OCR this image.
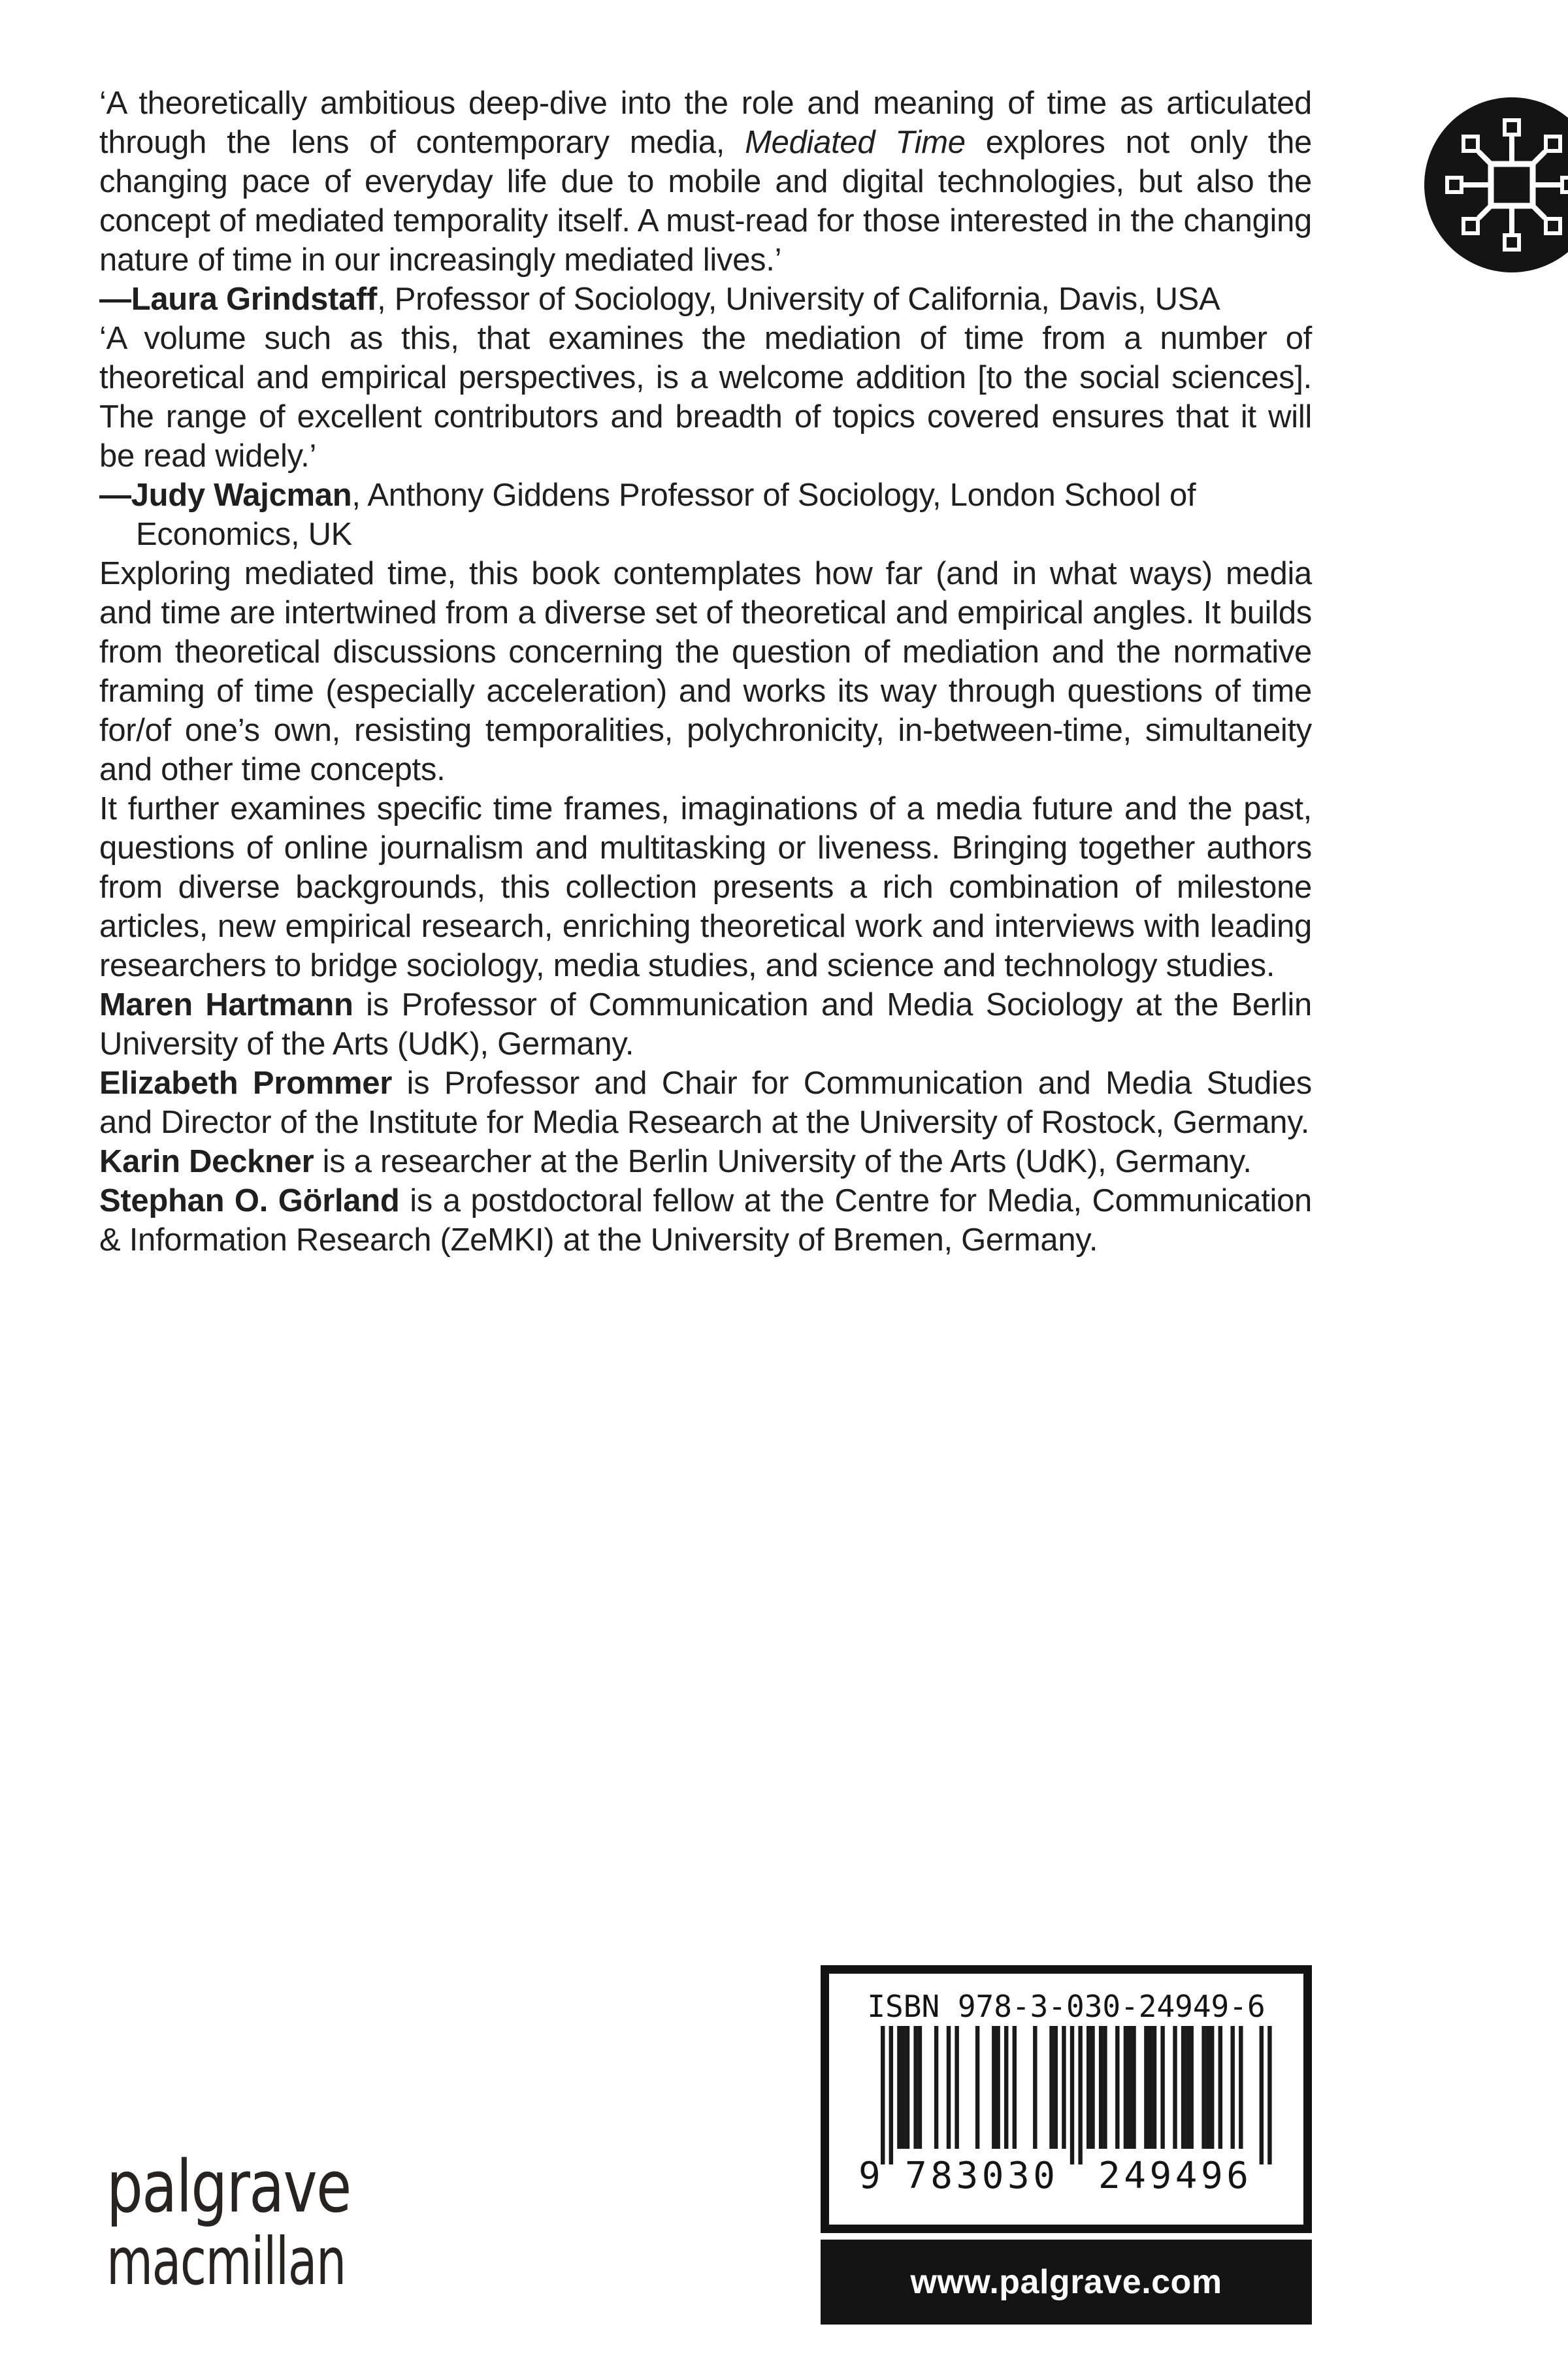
‘A theoretically ambitious deep-dive into the role and meaning of time as articulated through the lens of contemporary media, Mediated Time explores not only the changing pace of everyday life due to mobile and digital technologies, but also the concept of mediated temporality itself. A must-read for those interested in the changing nature of time in our increasingly mediated lives.’

—Laura Grindstaff, Professor of Sociology, University of California, Davis, USA

‘A volume such as this, that examines the mediation of time from a number of theoretical and empirical perspectives, is a welcome addition [to the social sciences]. The range of excellent contributors and breadth of topics covered ensures that it will be read widely.’

—Judy Wajcman, Anthony Giddens Professor of Sociology, London School of Economics, UK

Exploring mediated time, this book contemplates how far (and in what ways) media and time are intertwined from a diverse set of theoretical and empirical angles. It builds from theoretical discussions concerning the question of mediation and the normative framing of time (especially acceleration) and works its way through questions of time for/of one’s own, resisting temporalities, polychronicity, in-between-time, simultaneity and other time concepts.

It further examines specific time frames, imaginations of a media future and the past, questions of online journalism and multitasking or liveness. Bringing together authors from diverse backgrounds, this collection presents a rich combination of milestone articles, new empirical research, enriching theoretical work and interviews with leading researchers to bridge sociology, media studies, and science and technology studies.

Maren Hartmann is Professor of Communication and Media Sociology at the Berlin University of the Arts (UdK), Germany.

Elizabeth Prommer is Professor and Chair for Communication and Media Studies and Director of the Institute for Media Research at the University of Rostock, Germany.

Karin Deckner is a researcher at the Berlin University of the Arts (UdK), Germany.

Stephan O. Görland is a postdoctoral fellow at the Centre for Media, Communication & Information Research (ZeMKI) at the University of Bremen, Germany.

ISBN 978-3-030-24949-6
9 783030 249496
www.palgrave.com
palgrave
macmillan
